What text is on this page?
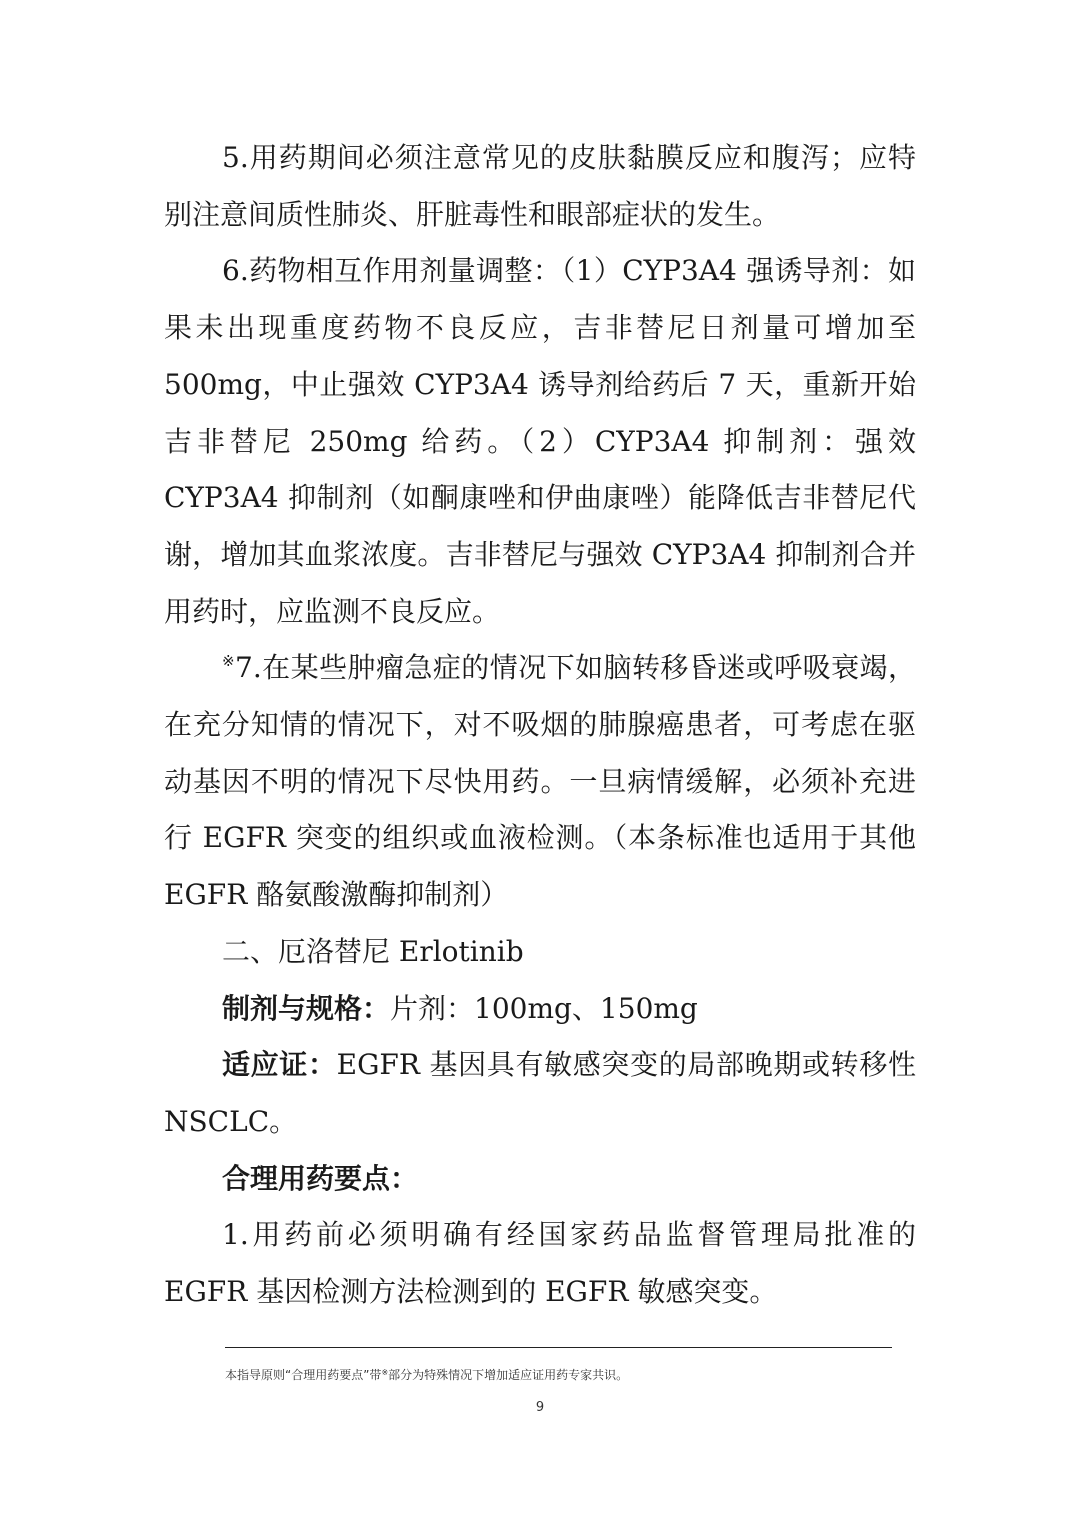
5.用药期间必须注意常见的皮肤黏膜反应和腹泻；应特别注意间质性肺炎、肝脏毒性和眼部症状的发生。

6.药物相互作用剂量调整：（1）CYP3A4 强诱导剂：如果未出现重度药物不良反应，吉非替尼日剂量可增加至 500mg，中止强效 CYP3A4 诱导剂给药后 7 天，重新开始吉非替尼 250mg 给药。（2）CYP3A4 抑制剂：强效 CYP3A4 抑制剂（如酮康唑和伊曲康唑）能降低吉非替尼代谢，增加其血浆浓度。吉非替尼与强效 CYP3A4 抑制剂合并用药时，应监测不良反应。

※7.在某些肿瘤急症的情况下如脑转移昏迷或呼吸衰竭，在充分知情的情况下，对不吸烟的肺腺癌患者，可考虑在驱动基因不明的情况下尽快用药。一旦病情缓解，必须补充进行 EGFR 突变的组织或血液检测。（本条标准也适用于其他 EGFR 酪氨酸激酶抑制剂）

二、厄洛替尼 Erlotinib

制剂与规格：片剂：100mg、150mg

适应证：EGFR 基因具有敏感突变的局部晚期或转移性 NSCLC。

合理用药要点：

1.用药前必须明确有经国家药品监督管理局批准的 EGFR 基因检测方法检测到的 EGFR 敏感突变。

本指导原则“合理用药要点”带※部分为特殊情况下增加适应证用药专家共识。
9
